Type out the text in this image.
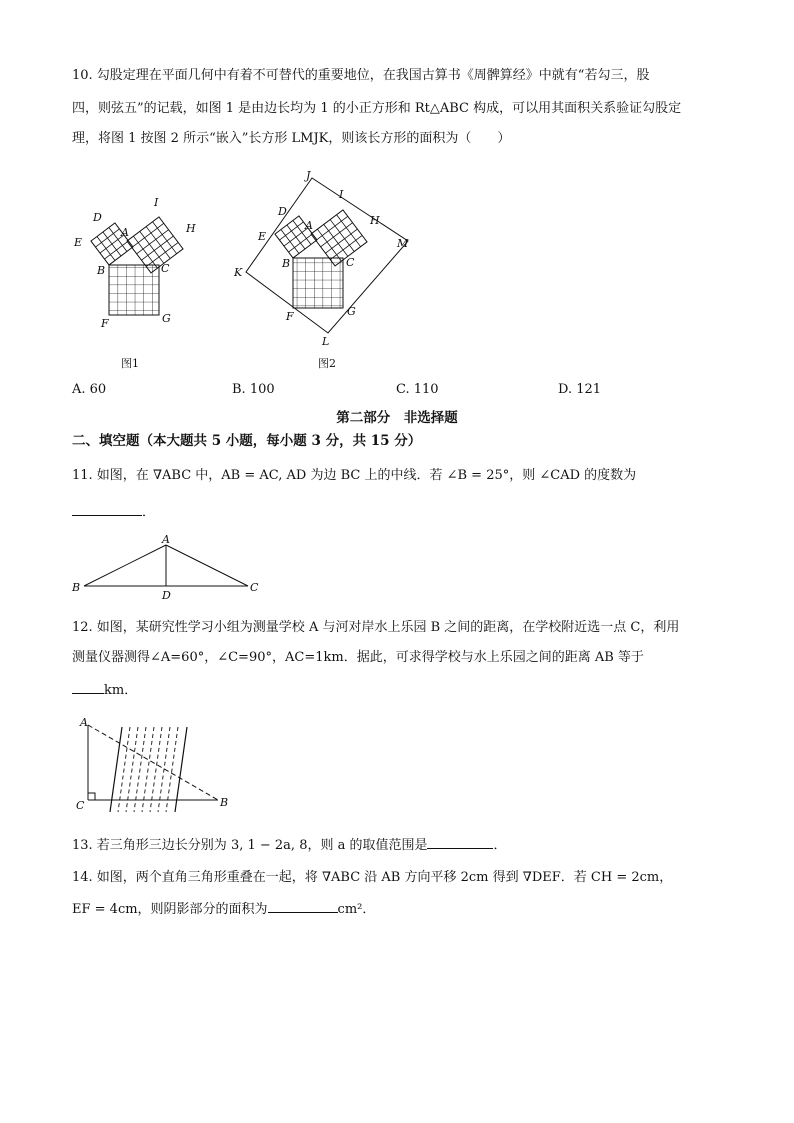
10. 勾股定理在平面几何中有着不可替代的重要地位，在我国古算书《周髀算经》中就有“若勾三，股
四，则弦五”的记载，如图 1 是由边长均为 1 的小正方形和 Rt△ABC 构成，可以用其面积关系验证勾股定
理，将图 1 按图 2 所示“嵌入”长方形 LMJK，则该长方形的面积为（　　）
D
A
I
H
E
B	C
F	G
图1
J
D
I
A	H
E
M
B	C
K
F	G
L
图2
A. 60	B. 100	C. 110	D. 121
第二部分　非选择题
二、填空题（本大题共 5 小题，每小题 3 分，共 15 分）
11. 如图，在 ∇ABC 中，AB = AC, AD 为边 BC 上的中线．若 ∠B = 25°，则 ∠CAD 的度数为
．
A
B	C
D
12. 如图，某研究性学习小组为测量学校 A 与河对岸水上乐园 B 之间的距离，在学校附近选一点 C，利用
测量仪器测得∠A=60°，∠C=90°，AC=1km．据此，可求得学校与水上乐园之间的距离 AB 等于
km．
A
C	B
13. 若三角形三边长分别为 3, 1 − 2a, 8，则 a 的取值范围是	．
14. 如图，两个直角三角形重叠在一起，将 ∇ABC 沿 AB 方向平移 2cm 得到 ∇DEF．若 CH = 2cm，
EF = 4cm，则阴影部分的面积为	cm²．
